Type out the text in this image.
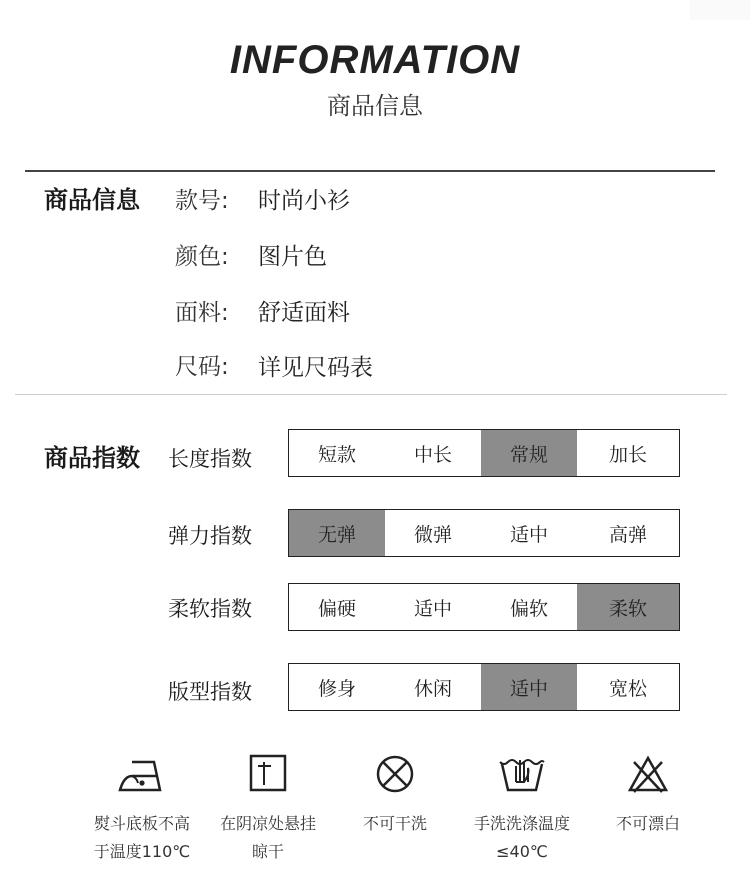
INFORMATION
商品信息
商品信息 款号: 时尚小衫
颜色: 图片色
面料: 舒适面料
尺码: 详见尺码表
商品指数 长度指数	短款	中长	常规	加长
弹力指数	无弹	微弹	适中	高弹
柔软指数	偏硬	适中	偏软	柔软
版型指数	修身	休闲	适中	宽松
熨斗底板不高
于温度110℃
在阴凉处悬挂
晾干
不可干洗	手洗洗涤温度
≤40℃
不可漂白
